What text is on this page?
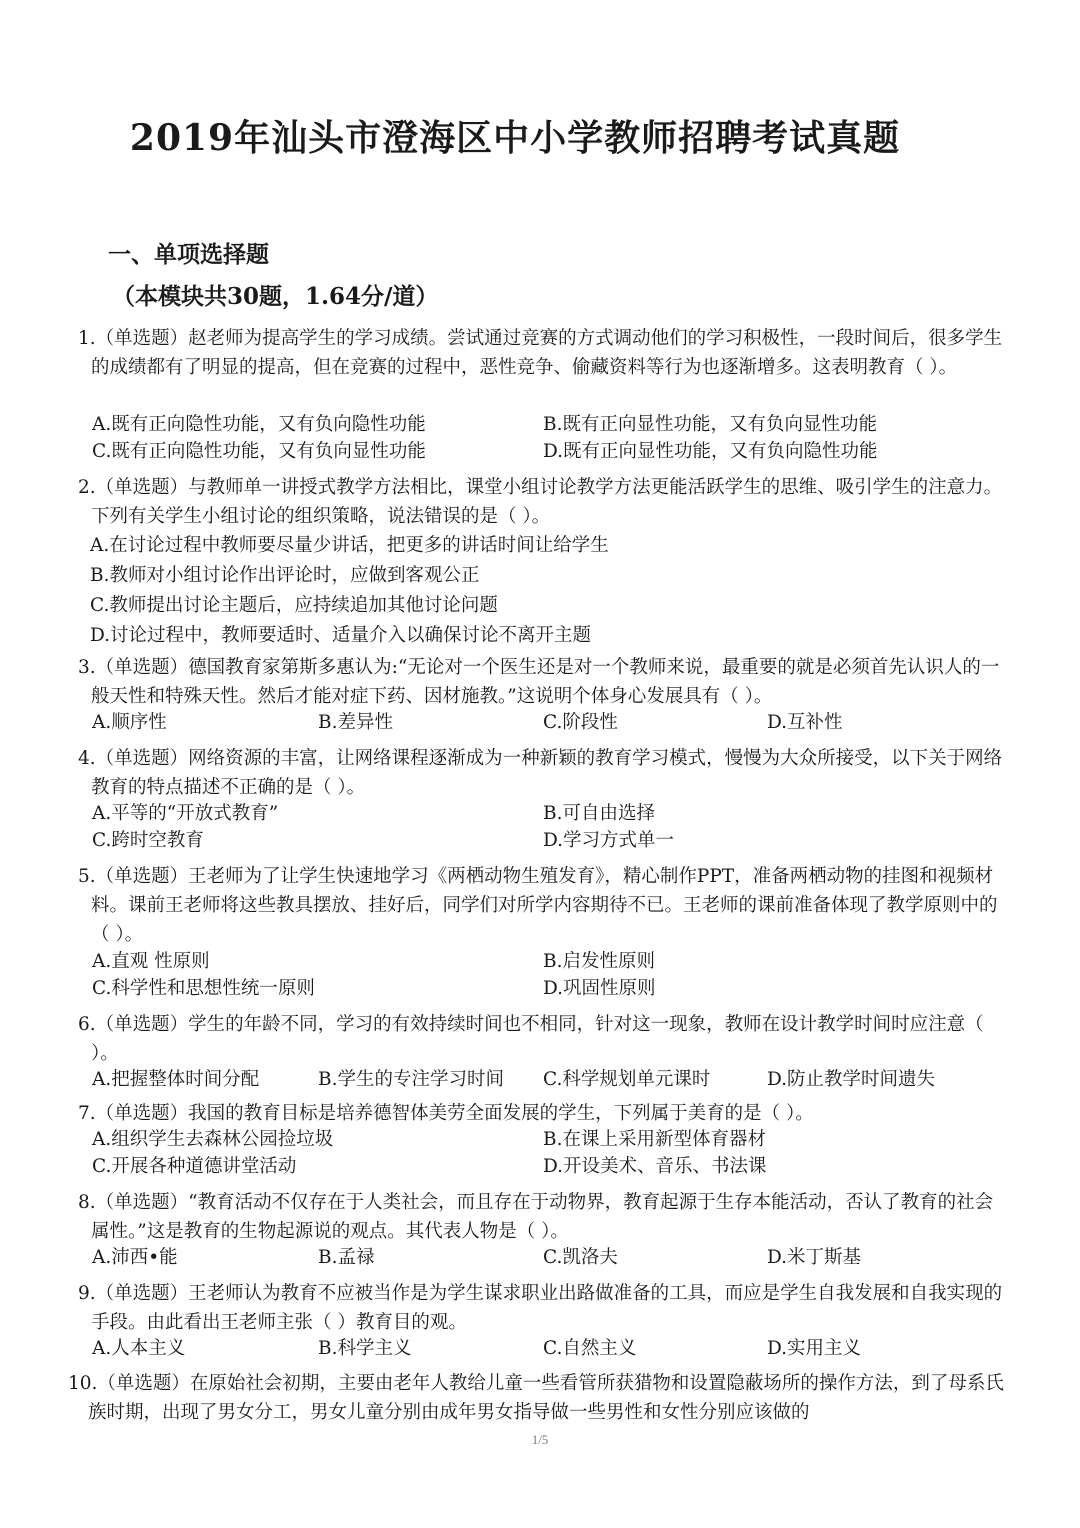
2019年汕头市澄海区中小学教师招聘考试真题
一、单项选择题
（本模块共30题，1.64分/道）
1.（单选题）赵老师为提高学生的学习成绩。尝试通过竞赛的方式调动他们的学习积极性，一段时间后，很多学生的成绩都有了明显的提高，但在竞赛的过程中，恶性竞争、偷藏资料等行为也逐渐增多。这表明教育（ ）。
A.既有正向隐性功能，又有负向隐性功能	B.既有正向显性功能，又有负向显性功能
C.既有正向隐性功能，又有负向显性功能	D.既有正向显性功能，又有负向隐性功能
2.（单选题）与教师单一讲授式教学方法相比，课堂小组讨论教学方法更能活跃学生的思维、吸引学生的注意力。下列有关学生小组讨论的组织策略，说法错误的是（ ）。
A.在讨论过程中教师要尽量少讲话，把更多的讲话时间让给学生
B.教师对小组讨论作出评论时，应做到客观公正
C.教师提出讨论主题后，应持续追加其他讨论问题
D.讨论过程中，教师要适时、适量介入以确保讨论不离开主题
3.（单选题）德国教育家第斯多惠认为:“无论对一个医生还是对一个教师来说，最重要的就是必须首先认识人的一般天性和特殊天性。然后才能对症下药、因材施教。”这说明个体身心发展具有（ ）。
A.顺序性	B.差异性	C.阶段性	D.互补性
4.（单选题）网络资源的丰富，让网络课程逐渐成为一种新颖的教育学习模式，慢慢为大众所接受，以下关于网络教育的特点描述不正确的是（ ）。
A.平等的“开放式教育”	B.可自由选择
C.跨时空教育	D.学习方式单一
5.（单选题）王老师为了让学生快速地学习《两栖动物生殖发育》，精心制作PPT，准备两栖动物的挂图和视频材料。课前王老师将这些教具摆放、挂好后，同学们对所学内容期待不已。王老师的课前准备体现了教学原则中的（ ）。
A.直观 性原则	B.启发性原则
C.科学性和思想性统一原则	D.巩固性原则
6.（单选题）学生的年龄不同，学习的有效持续时间也不相同，针对这一现象，教师在设计教学时间时应注意（ ）。
A.把握整体时间分配	B.学生的专注学习时间 C.科学规划单元课时	D.防止教学时间遗失
7.（单选题）我国的教育目标是培养德智体美劳全面发展的学生，下列属于美育的是（ ）。
A.组织学生去森林公园捡垃圾	B.在课上采用新型体育器材
C.开展各种道德讲堂活动	D.开设美术、音乐、书法课
8.（单选题）“教育活动不仅存在于人类社会，而且存在于动物界，教育起源于生存本能活动，否认了教育的社会属性。”这是教育的生物起源说的观点。其代表人物是（ ）。
A.沛西•能	B.孟禄	C.凯洛夫	D.米丁斯基
9.（单选题）王老师认为教育不应被当作是为学生谋求职业出路做准备的工具，而应是学生自我发展和自我实现的手段。由此看出王老师主张（ ）教育目的观。
A.人本主义	B.科学主义	C.自然主义	D.实用主义
10.（单选题）在原始社会初期，主要由老年人教给儿童一些看管所获猎物和设置隐蔽场所的操作方法，到了母系氏族时期，出现了男女分工，男女儿童分别由成年男女指导做一些男性和女性分别应该做的
1/5
